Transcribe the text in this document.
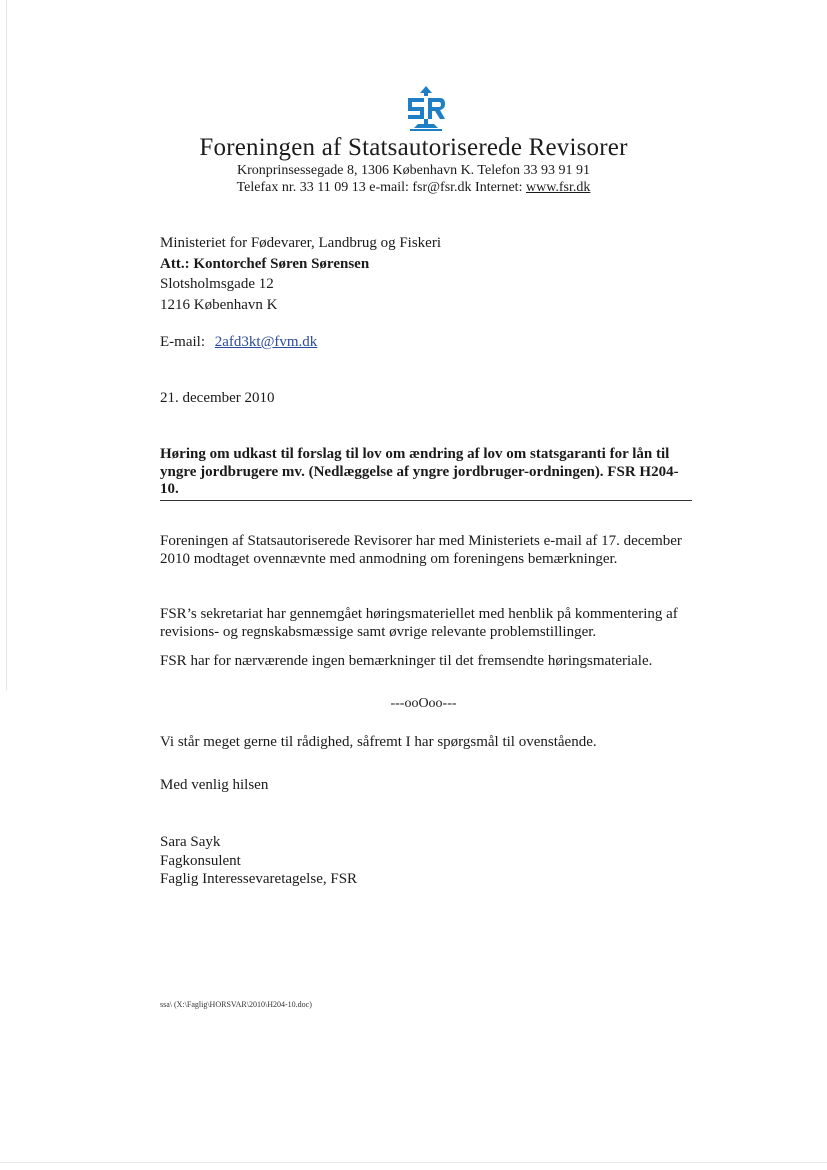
Foreningen af Statsautoriserede Revisorer
Kronprinsessegade 8, 1306 København K. Telefon 33 93 91 91
Telefax nr. 33 11 09 13 e-mail: fsr@fsr.dk Internet: www.fsr.dk
Ministeriet for Fødevarer, Landbrug og Fiskeri
Att.: Kontorchef Søren Sørensen
Slotsholmsgade 12
1216 København K
E-mail: 2afd3kt@fvm.dk
21. december 2010
Høring om udkast til forslag til lov om ændring af lov om statsgaranti for lån til yngre jordbrugere mv. (Nedlæggelse af yngre jordbruger-ordningen). FSR H204-10.
Foreningen af Statsautoriserede Revisorer har med Ministeriets e-mail af 17. december 2010 modtaget ovennævnte med anmodning om foreningens bemærkninger.
FSR’s sekretariat har gennemgået høringsmateriellet med henblik på kommentering af revisions- og regnskabsmæssige samt øvrige relevante problemstillinger.
FSR har for nærværende ingen bemærkninger til det fremsendte høringsmateriale.
---ooOoo---
Vi står meget gerne til rådighed, såfremt I har spørgsmål til ovenstående.
Med venlig hilsen
Sara Sayk
Fagkonsulent
Faglig Interessevaretagelse, FSR
ssa\ (X:\Faglig\HORSVAR\2010\H204-10.doc)
